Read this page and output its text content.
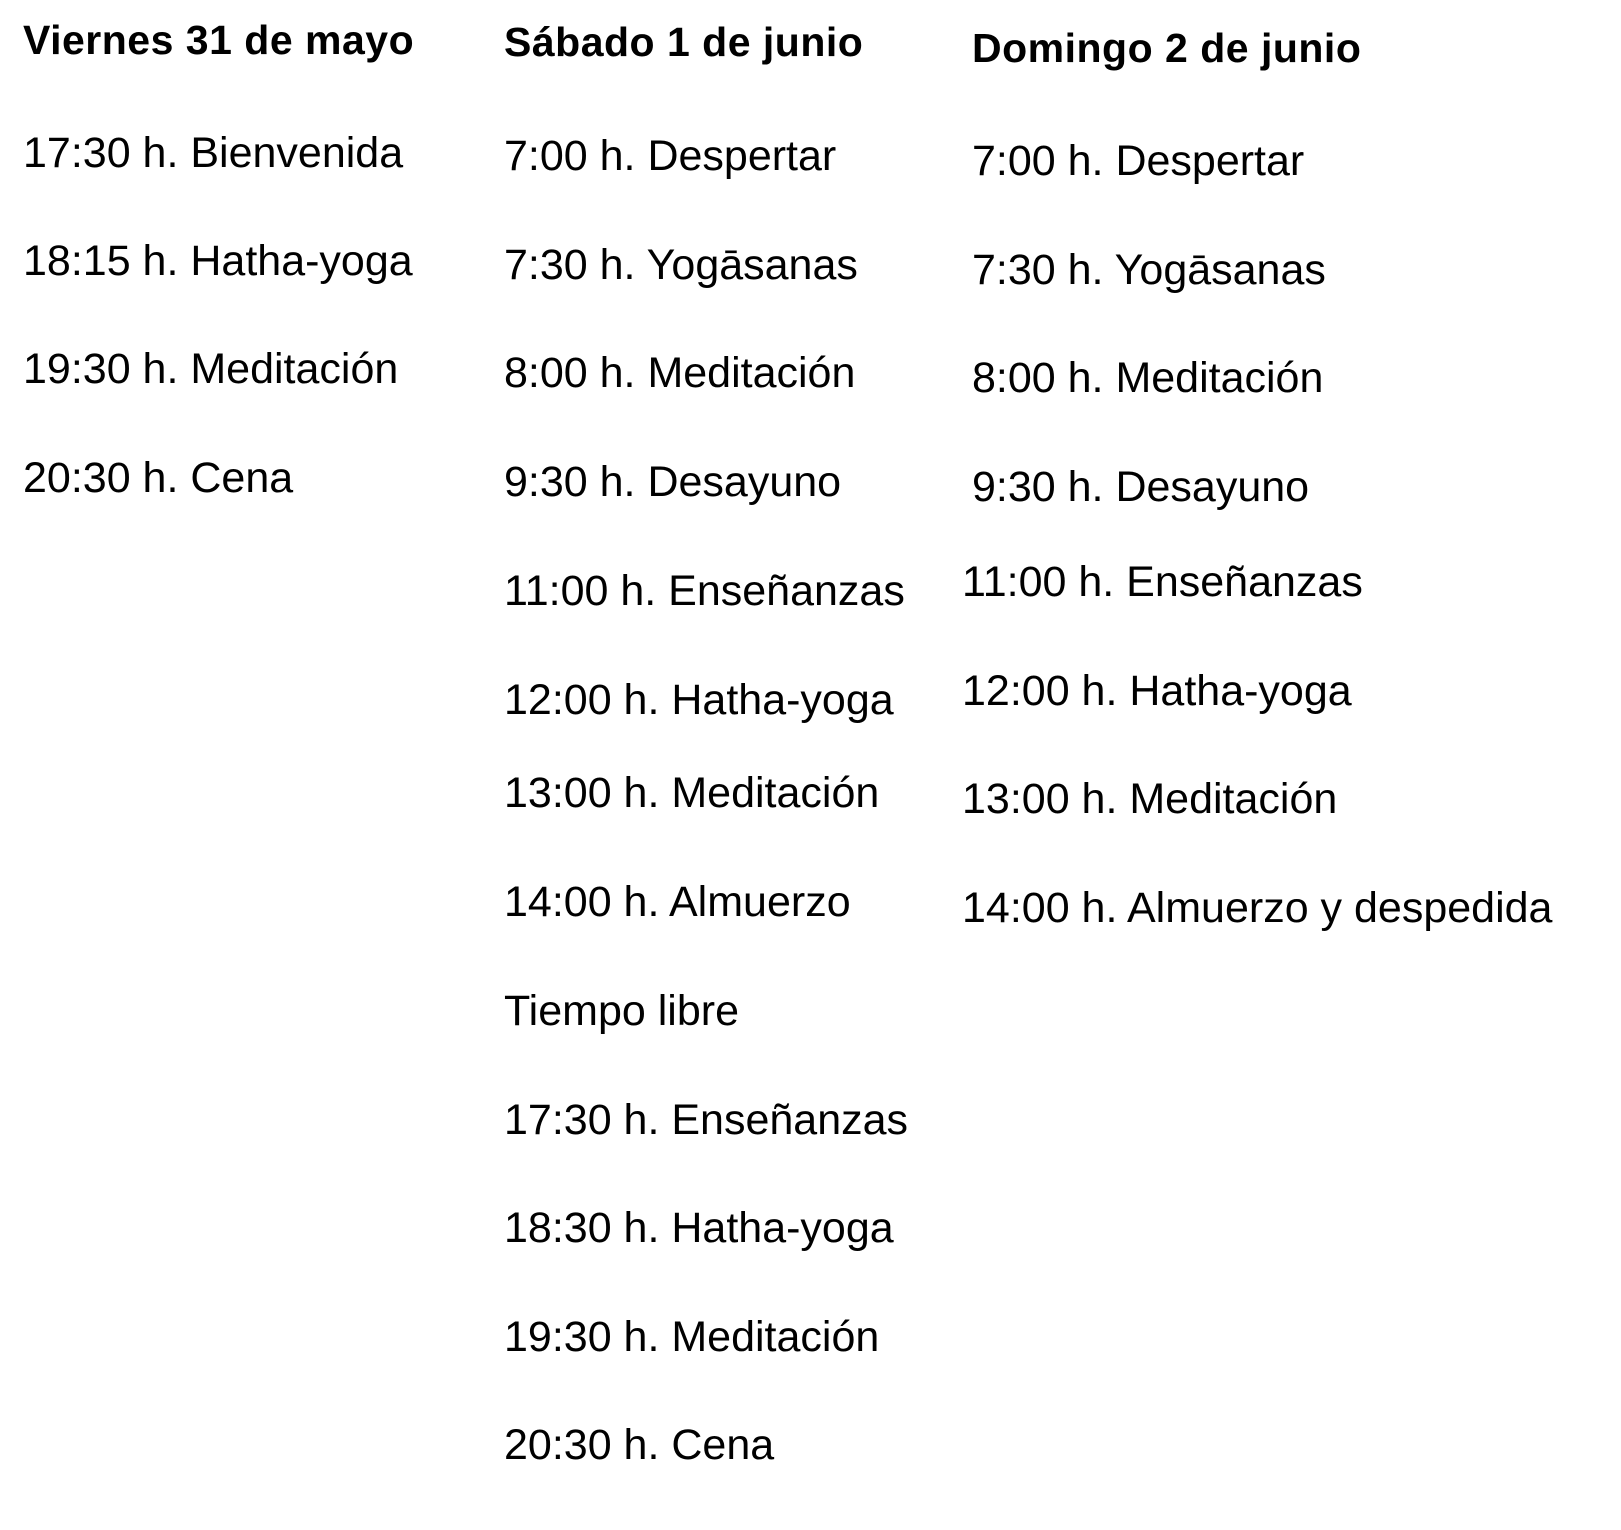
Viernes 31 de mayo
17:30 h. Bienvenida
18:15 h. Hatha-yoga
19:30 h. Meditación
20:30 h. Cena
Sábado 1 de junio
7:00 h. Despertar
7:30 h. Yogāsanas
8:00 h. Meditación
9:30 h. Desayuno
11:00 h. Enseñanzas
12:00 h. Hatha-yoga
13:00 h. Meditación
14:00 h. Almuerzo
Tiempo libre
17:30 h. Enseñanzas
18:30 h. Hatha-yoga
19:30 h. Meditación
20:30 h. Cena
Domingo 2 de junio
7:00 h. Despertar
7:30 h. Yogāsanas
8:00 h. Meditación
9:30 h. Desayuno
11:00 h. Enseñanzas
12:00 h. Hatha-yoga
13:00 h. Meditación
14:00 h. Almuerzo y despedida
